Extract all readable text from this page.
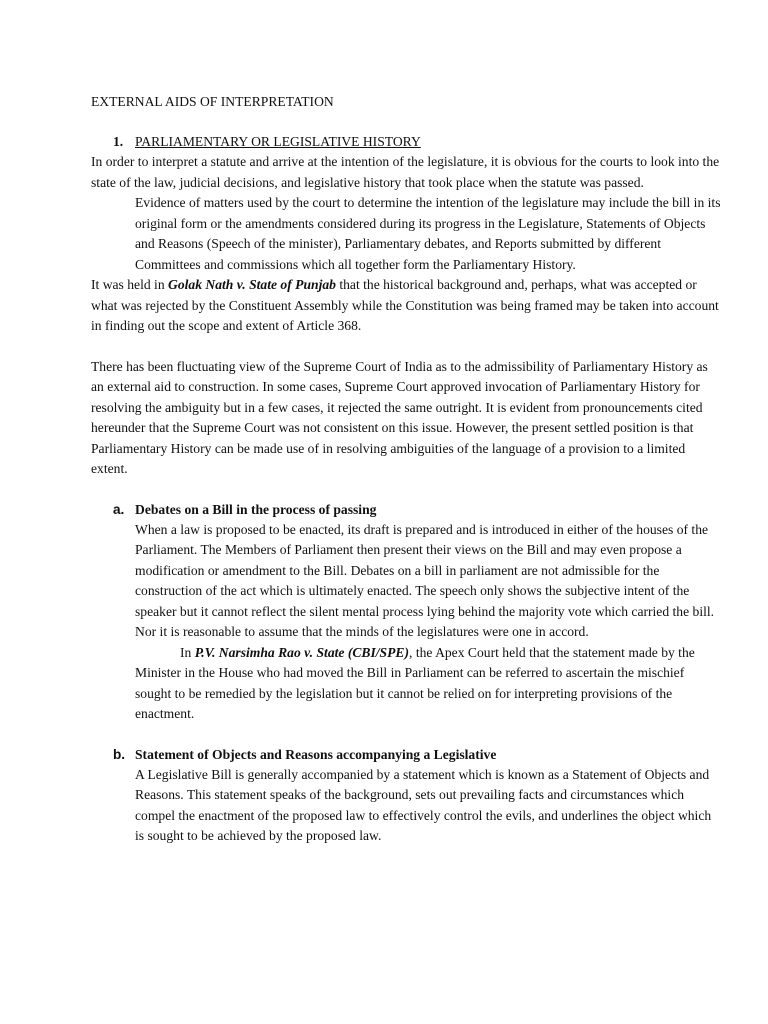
EXTERNAL AIDS OF INTERPRETATION

1. PARLIAMENTARY OR LEGISLATIVE HISTORY

In order to interpret a statute and arrive at the intention of the legislature, it is obvious for the courts to look into the state of the law, judicial decisions, and legislative history that took place when the statute was passed.

Evidence of matters used by the court to determine the intention of the legislature may include the bill in its original form or the amendments considered during its progress in the Legislature, Statements of Objects and Reasons (Speech of the minister), Parliamentary debates, and Reports submitted by different Committees and commissions which all together form the Parliamentary History.

It was held in Golak Nath v. State of Punjab that the historical background and, perhaps, what was accepted or what was rejected by the Constituent Assembly while the Constitution was being framed may be taken into account in finding out the scope and extent of Article 368.

There has been fluctuating view of the Supreme Court of India as to the admissibility of Parliamentary History as an external aid to construction. In some cases, Supreme Court approved invocation of Parliamentary History for resolving the ambiguity but in a few cases, it rejected the same outright. It is evident from pronouncements cited hereunder that the Supreme Court was not consistent on this issue. However, the present settled position is that Parliamentary History can be made use of in resolving ambiguities of the language of a provision to a limited extent.

a. Debates on a Bill in the process of passing

When a law is proposed to be enacted, its draft is prepared and is introduced in either of the houses of the Parliament. The Members of Parliament then present their views on the Bill and may even propose a modification or amendment to the Bill. Debates on a bill in parliament are not admissible for the construction of the act which is ultimately enacted. The speech only shows the subjective intent of the speaker but it cannot reflect the silent mental process lying behind the majority vote which carried the bill. Nor it is reasonable to assume that the minds of the legislatures were one in accord.

In P.V. Narsimha Rao v. State (CBI/SPE), the Apex Court held that the statement made by the Minister in the House who had moved the Bill in Parliament can be referred to ascertain the mischief sought to be remedied by the legislation but it cannot be relied on for interpreting provisions of the enactment.

b. Statement of Objects and Reasons accompanying a Legislative

A Legislative Bill is generally accompanied by a statement which is known as a Statement of Objects and Reasons. This statement speaks of the background, sets out prevailing facts and circumstances which compel the enactment of the proposed law to effectively control the evils, and underlines the object which is sought to be achieved by the proposed law.
